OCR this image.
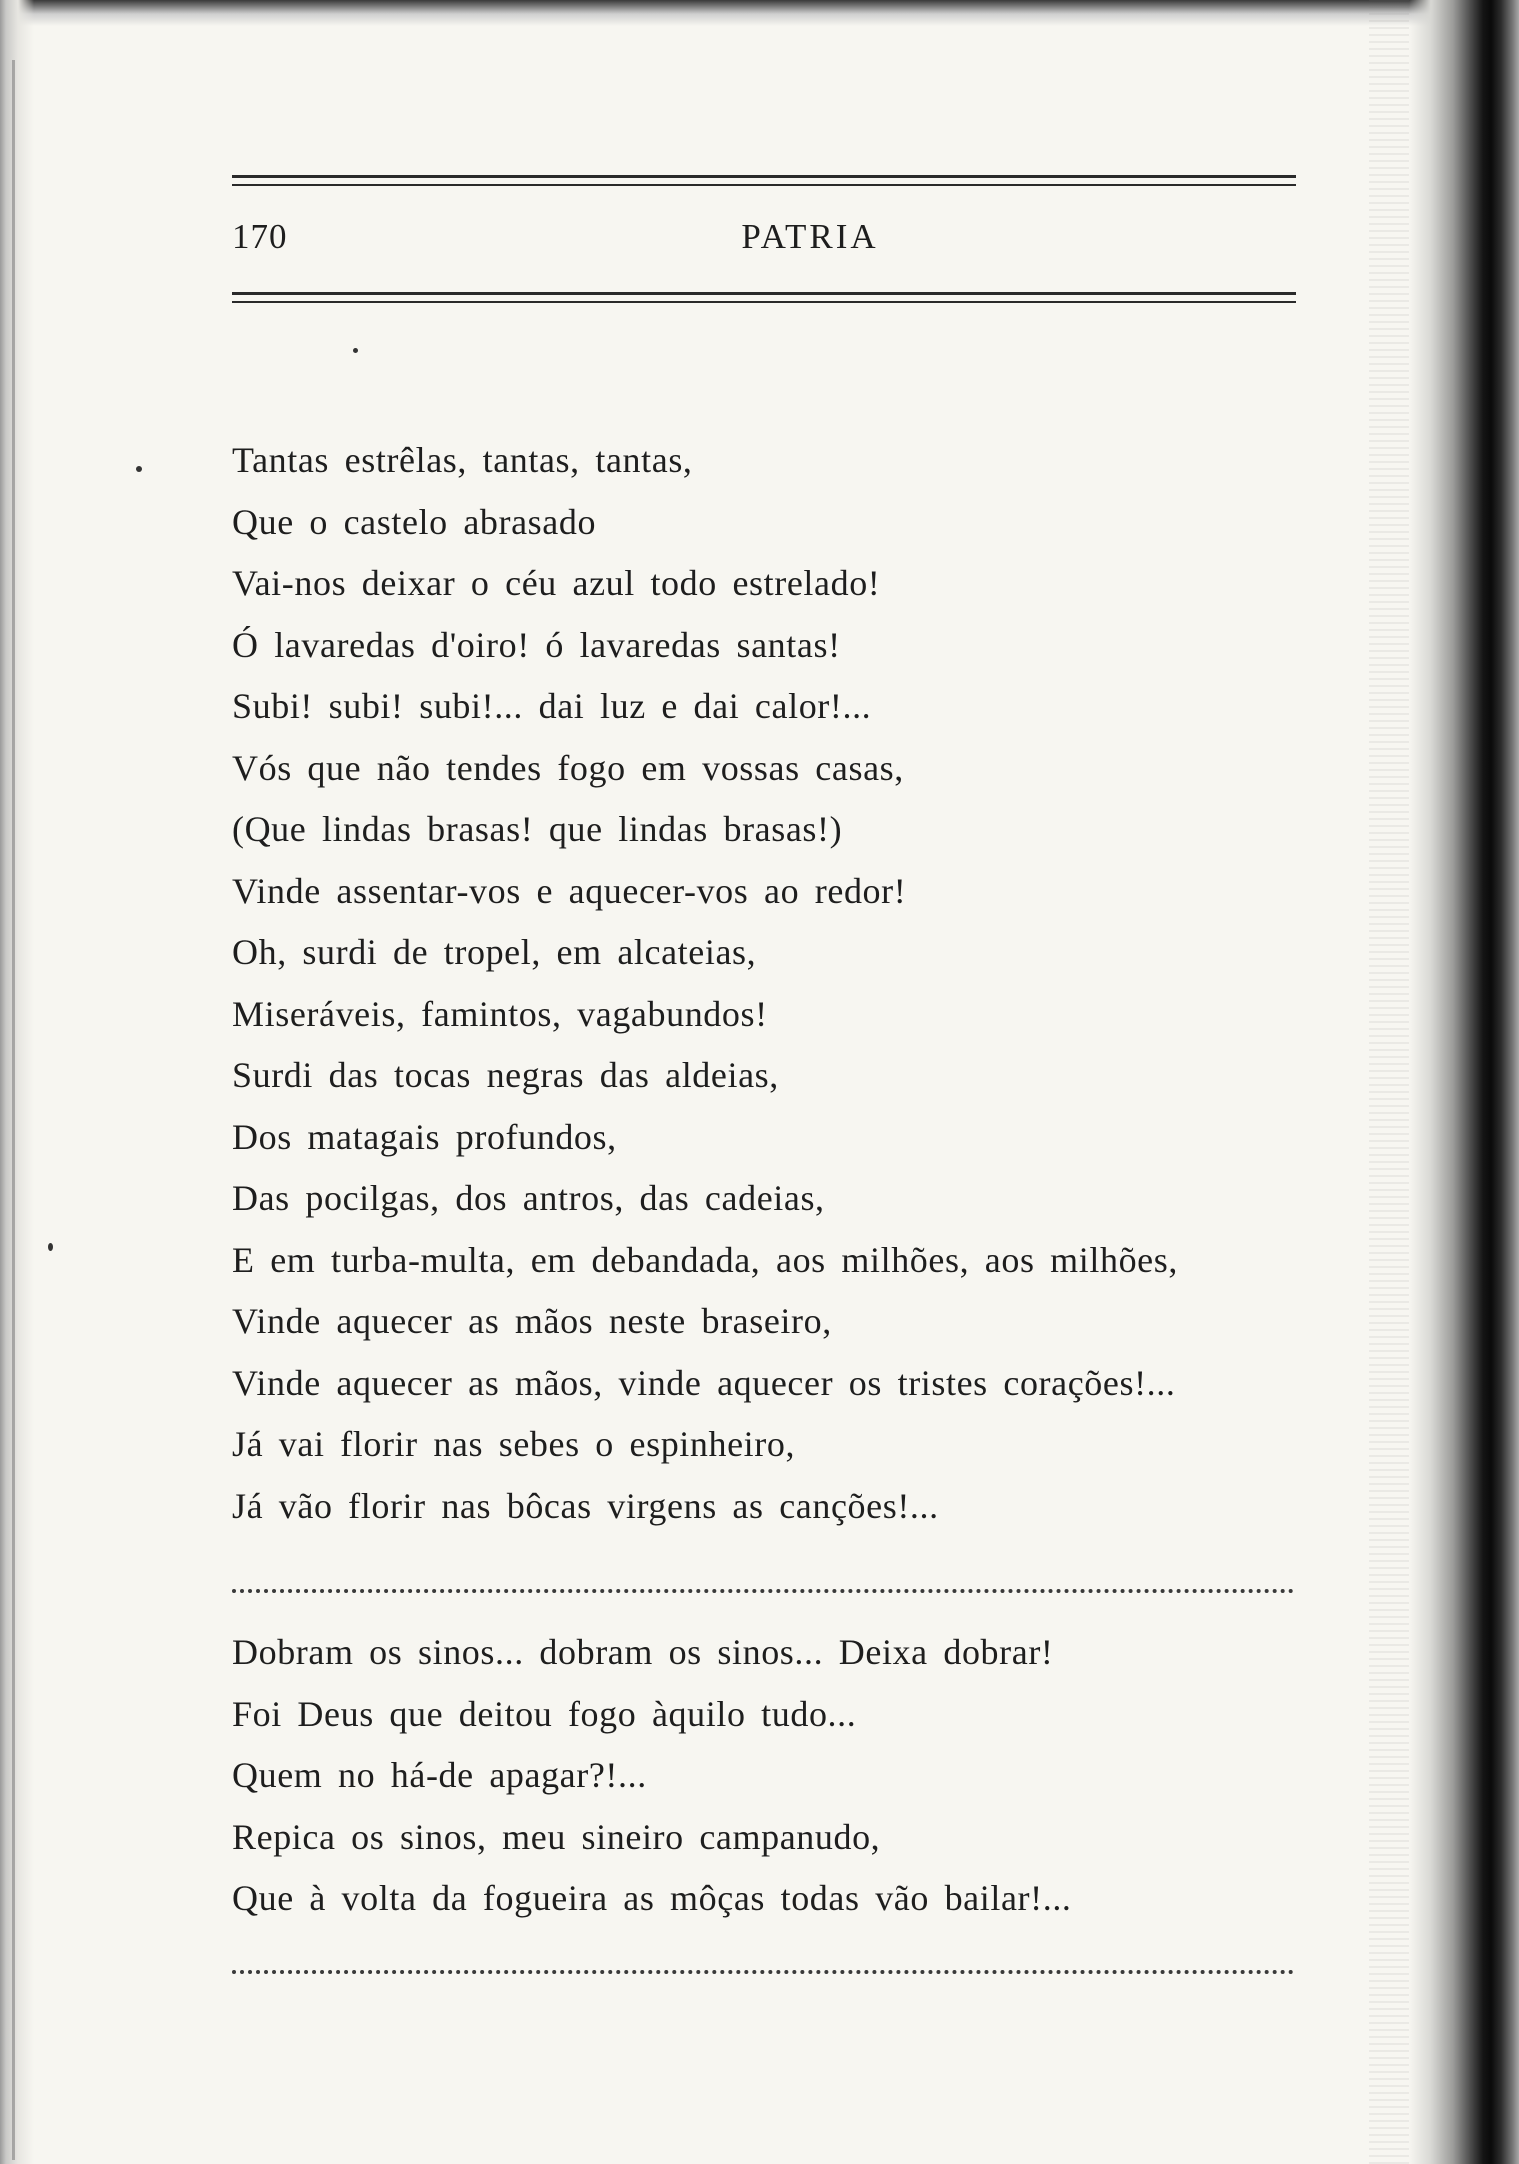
170	PATRIA
Tantas estrêlas, tantas, tantas,
Que o castelo abrasado
Vai-nos deixar o céu azul todo estrelado!
Ó lavaredas d'oiro! ó lavaredas santas!
Subi! subi! subi!... dai luz e dai calor!...
Vós que não tendes fogo em vossas casas,
(Que lindas brasas! que lindas brasas!)
Vinde assentar-vos e aquecer-vos ao redor!
Oh, surdi de tropel, em alcateias,
Miseráveis, famintos, vagabundos!
Surdi das tocas negras das aldeias,
Dos matagais profundos,
Das pocilgas, dos antros, das cadeias,
E em turba-multa, em debandada, aos milhões, aos milhões,
Vinde aquecer as mãos neste braseiro,
Vinde aquecer as mãos, vinde aquecer os tristes corações!...
Já vai florir nas sebes o espinheiro,
Já vão florir nas bôcas virgens as canções!...
Dobram os sinos... dobram os sinos... Deixa dobrar!
Foi Deus que deitou fogo àquilo tudo...
Quem no há-de apagar?!...
Repica os sinos, meu sineiro campanudo,
Que à volta da fogueira as môças todas vão bailar!...
